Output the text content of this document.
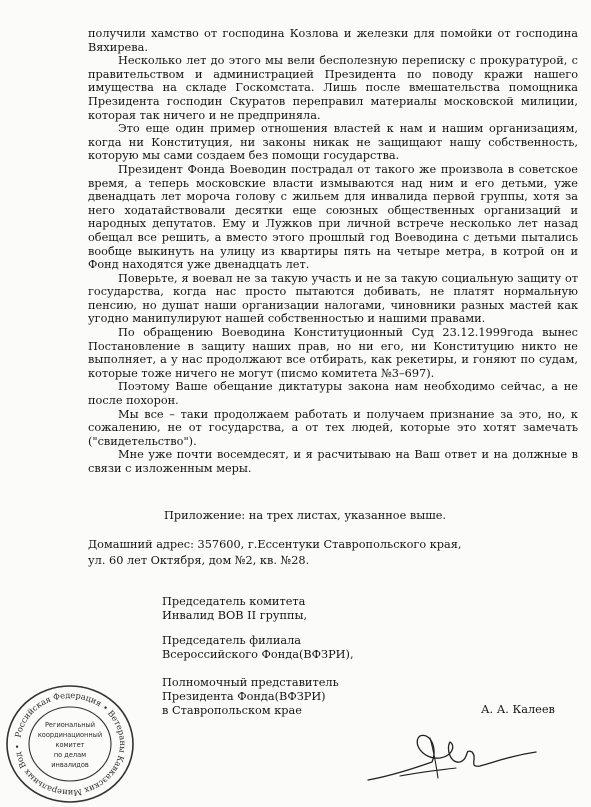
получили хамство от господина Козлова и железки для помойки от господина Вяхирева.

Несколько лет до этого мы вели бесполезную переписку с прокуратурой, с правительством и администрацией Президента по поводу кражи нашего имущества на складе Госкомстата. Лишь после вмешательства помощника Президента господин Скуратов переправил материалы московской милиции, которая так ничего и не предприняла.

Это еще один пример отношения властей к нам и нашим организациям, когда ни Конституция, ни законы никак не защищают нашу собственность, которую мы сами создаем без помощи государства.

Президент Фонда Воеводин пострадал от такого же произвола в советское время, а теперь московские власти измываются над ним и его детьми, уже двенадцать лет мороча голову с жильем для инвалида первой группы, хотя за него ходатайствовали десятки еще союзных общественных организаций и народных депутатов. Ему и Лужков при личной встрече несколько лет назад обещал все решить, а вместо этого прошлый год Воеводина с детьми пытались вообще выкинуть на улицу из квартиры пять на четыре метра, в котрой он и Фонд находятся уже двенадцать лет.

Поверьте, я воевал не за такую участь и не за такую социальную защиту от государства, когда нас просто пытаются добивать, не платят нормальную пенсию, но душат наши организации налогами, чиновники разных мастей как угодно манипулируют нашей собственностью и нашими правами.

По обращению Воеводина Конституционный Суд 23.12.1999года вынес Постановление в защиту наших прав, но ни его, ни Конституцию никто не выполняет, а у нас продолжают все отбирать, как рекетиры, и гоняют по судам, которые тоже ничего не могут (писмо комитета №3–697).

Поэтому Ваше обещание диктатуры закона нам необходимо сейчас, а не после похорон.

Мы все – таки продолжаем работать и получаем признание за это, но, к сожалению, не от государства, а от тех людей, которые это хотят замечать ("свидетельство").

Мне уже почти восемдесят, и я расчитываю на Ваш ответ и на должные в связи с изложенным меры.

Приложение: на трех листах, указанное выше.
Домашний адрес: 357600, г.Ессентуки Ставропольского края,
ул. 60 лет Октября, дом №2, кв. №28.
Председатель комитета
Инвалид ВОВ II группы,
Председатель филиала
Всероссийского Фонда(ВФЗРИ),
Полномочный представитель
Президента Фонда(ВФЗРИ)
в Ставропольском крае	А. А. Калеев
Российская Федерация • Ветераны Кавказских Минеральных Вод •
Региональный
координационный
комитет
по делам
инвалидов
